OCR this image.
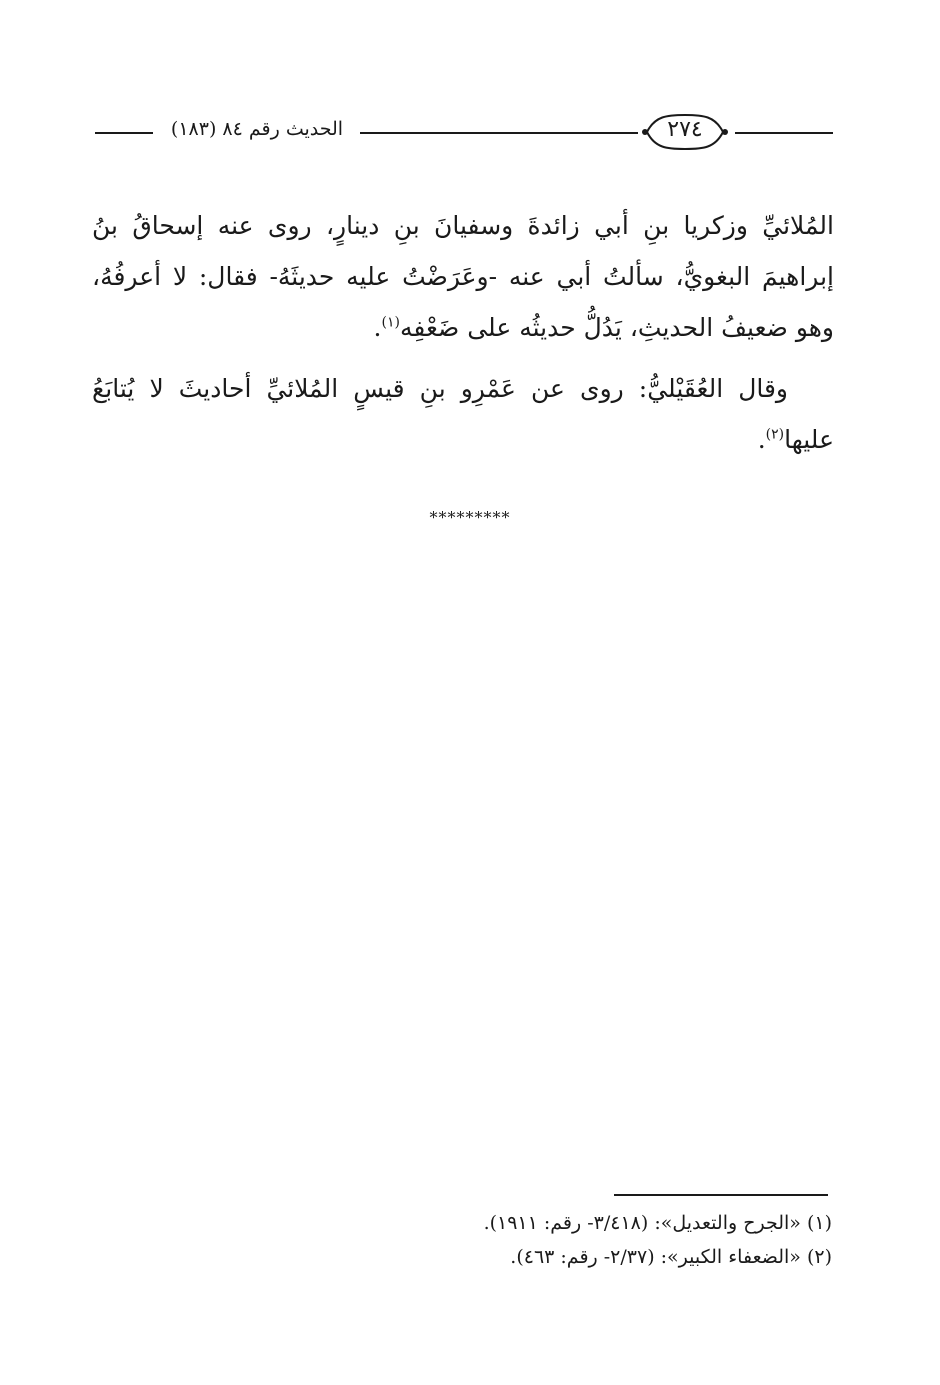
الحديث رقم ٨٤ (١٨٣)	٢٧٤

المُلائيِّ وزكريا بنِ أبي زائدةَ وسفيانَ بنِ دينارٍ، روى عنه إسحاقُ بنُ إبراهيمَ البغويُّ، سألتُ أبي عنه -وعَرَضْتُ عليه حديثَهُ- فقال: لا أعرفُهُ، وهو ضعيفُ الحديثِ، يَدُلُّ حديثُه على ضَعْفِه$^{(١)}$.

وقال العُقَيْليُّ: روى عن عَمْرِو بنِ قيسٍ المُلائيِّ أحاديثَ لا يُتابَعُ عليها$^{(٢)}$.

*********
(١) «الجرح والتعديل»: (٣/٤١٨- رقم: ١٩١١).
(٢) «الضعفاء الكبير»: (٢/٣٧- رقم: ٤٦٣).
